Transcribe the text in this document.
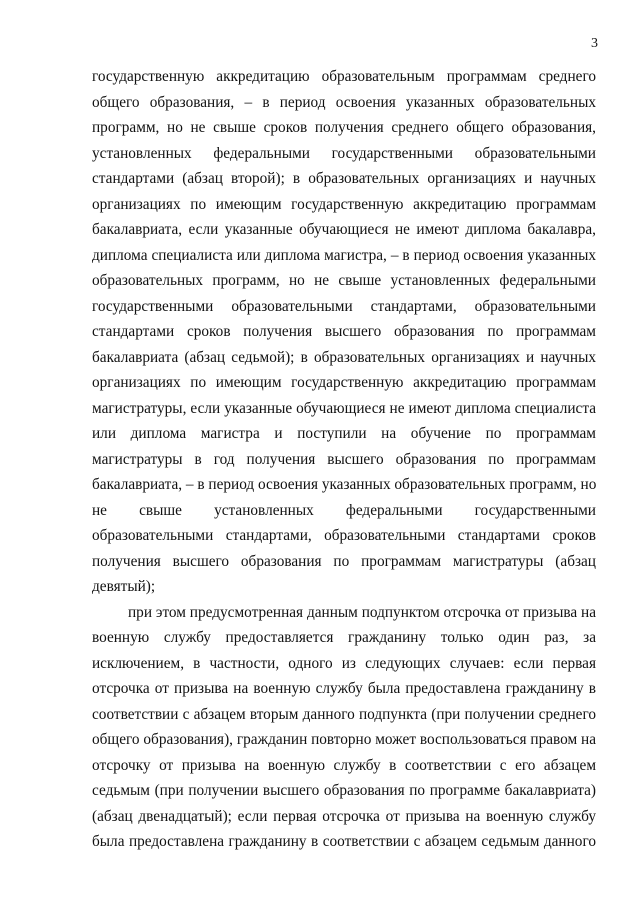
3
государственную аккредитацию образовательным программам среднего
общего образования, – в период освоения указанных образовательных
программ, но не свыше сроков получения среднего общего образования,
установленных федеральными государственными образовательными
стандартами (абзац второй); в образовательных организациях и научных
организациях по имеющим государственную аккредитацию программам
бакалавриата, если указанные обучающиеся не имеют диплома бакалавра,
диплома специалиста или диплома магистра, – в период освоения указанных
образовательных программ, но не свыше установленных федеральными
государственными образовательными стандартами, образовательными
стандартами сроков получения высшего образования по программам
бакалавриата (абзац седьмой); в образовательных организациях и научных
организациях по имеющим государственную аккредитацию программам
магистратуры, если указанные обучающиеся не имеют диплома специалиста
или диплома магистра и поступили на обучение по программам
магистратуры в год получения высшего образования по программам
бакалавриата, – в период освоения указанных образовательных программ, но
не свыше установленных федеральными государственными
образовательными стандартами, образовательными стандартами сроков
получения высшего образования по программам магистратуры (абзац
девятый);
при этом предусмотренная данным подпунктом отсрочка от призыва на
военную службу предоставляется гражданину только один раз, за
исключением, в частности, одного из следующих случаев: если первая
отсрочка от призыва на военную службу была предоставлена гражданину в
соответствии с абзацем вторым данного подпункта (при получении среднего
общего образования), гражданин повторно может воспользоваться правом на
отсрочку от призыва на военную службу в соответствии с его абзацем
седьмым (при получении высшего образования по программе бакалавриата)
(абзац двенадцатый); если первая отсрочка от призыва на военную службу
была предоставлена гражданину в соответствии с абзацем седьмым данного
